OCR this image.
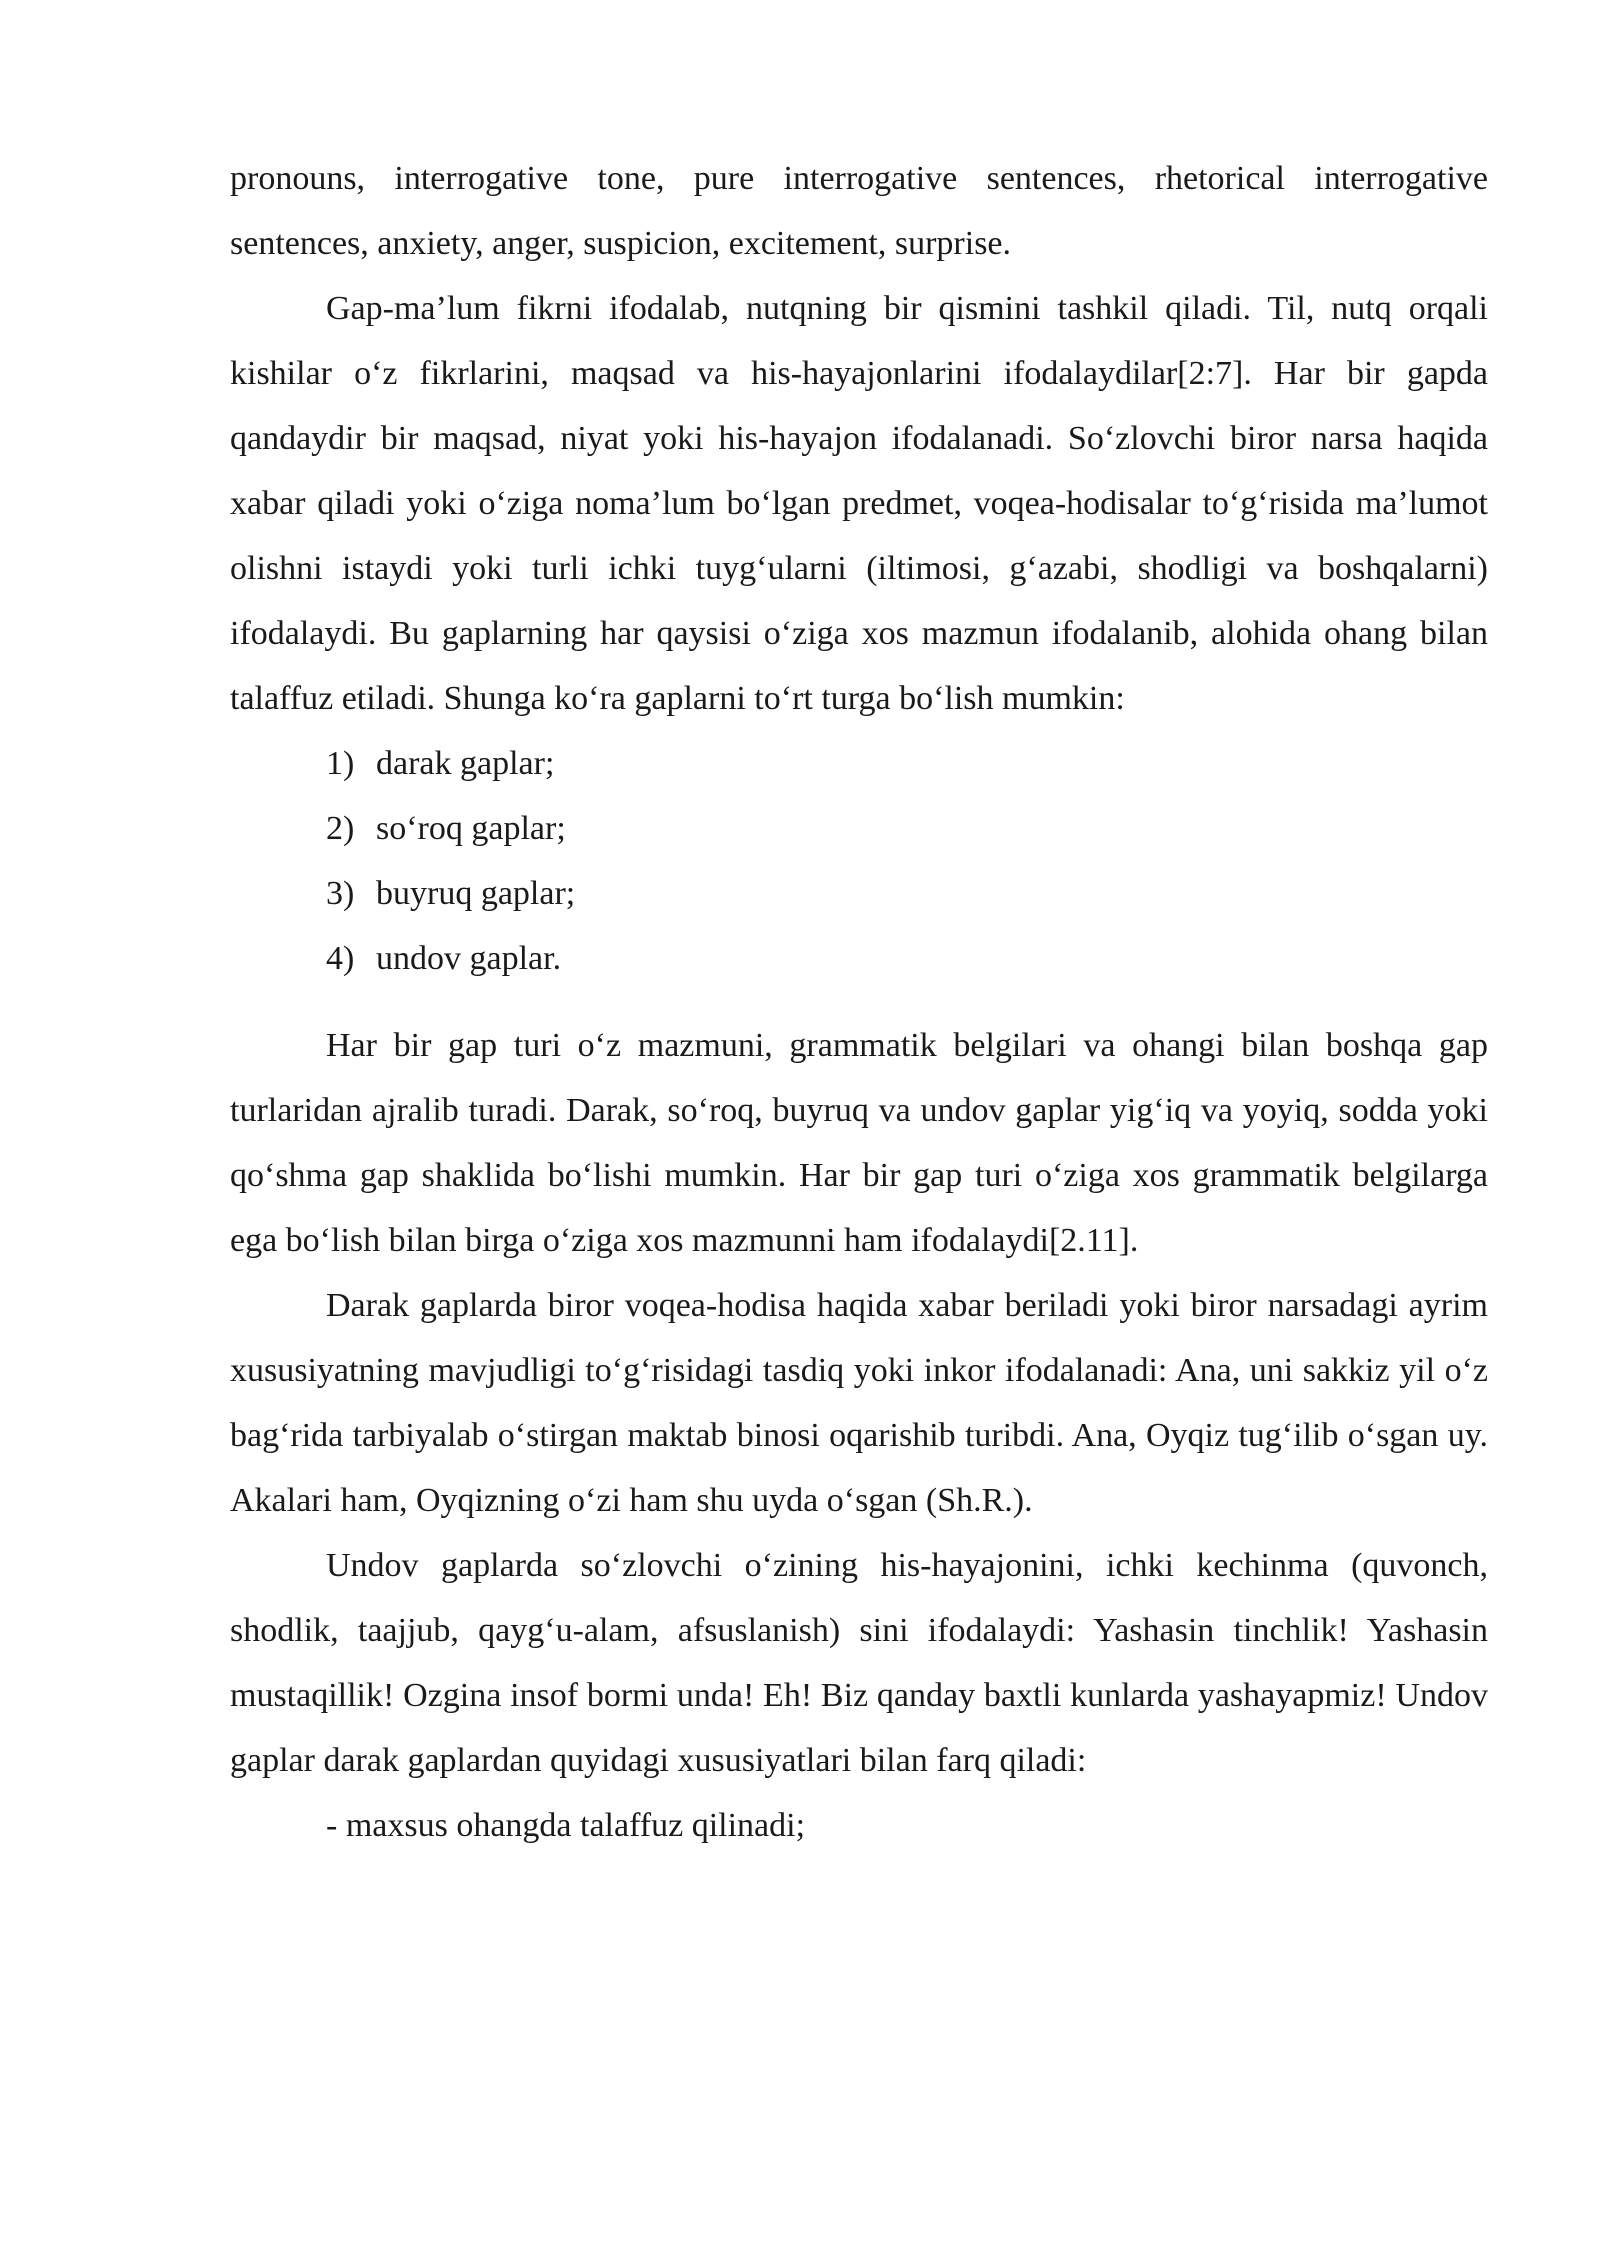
pronouns, interrogative tone, pure interrogative sentences, rhetorical interrogative sentences, anxiety, anger, suspicion, excitement, surprise.

Gap-ma’lum fikrni ifodalab, nutqning bir qismini tashkil qiladi. Til, nutq orqali kishilar o‘z fikrlarini, maqsad va his-hayajonlarini ifodalaydilar[2:7]. Har bir gapda qandaydir bir maqsad, niyat yoki his-hayajon ifodalanadi. So‘zlovchi biror narsa haqida xabar qiladi yoki o‘ziga noma’lum bo‘lgan predmet, voqea-hodisalar to‘g‘risida ma’lumot olishni istaydi yoki turli ichki tuyg‘ularni (iltimosi, g‘azabi, shodligi va boshqalarni) ifodalaydi. Bu gaplarning har qaysisi o‘ziga xos mazmun ifodalanib, alohida ohang bilan talaffuz etiladi. Shunga ko‘ra gaplarni to‘rt turga bo‘lish mumkin:

1) darak gaplar;
2) so‘roq gaplar;
3) buyruq gaplar;
4) undov gaplar.

Har bir gap turi o‘z mazmuni, grammatik belgilari va ohangi bilan boshqa gap turlaridan ajralib turadi. Darak, so‘roq, buyruq va undov gaplar yig‘iq va yoyiq, sodda yoki qo‘shma gap shaklida bo‘lishi mumkin. Har bir gap turi o‘ziga xos grammatik belgilarga ega bo‘lish bilan birga o‘ziga xos mazmunni ham ifodalaydi[2.11].

Darak gaplarda biror voqea-hodisa haqida xabar beriladi yoki biror narsadagi ayrim xususiyatning mavjudligi to‘g‘risidagi tasdiq yoki inkor ifodalanadi: Ana, uni sakkiz yil o‘z bag‘rida tarbiyalab o‘stirgan maktab binosi oqarishib turibdi. Ana, Oyqiz tug‘ilib o‘sgan uy. Akalari ham, Oyqizning o‘zi ham shu uyda o‘sgan (Sh.R.).

Undov gaplarda so‘zlovchi o‘zining his-hayajonini, ichki kechinma (quvonch, shodlik, taajjub, qayg‘u-alam, afsuslanish) sini ifodalaydi: Yashasin tinchlik! Yashasin mustaqillik! Ozgina insof bormi unda! Eh! Biz qanday baxtli kunlarda yashayapmiz! Undov gaplar darak gaplardan quyidagi xususiyatlari bilan farq qiladi:

- maxsus ohangda talaffuz qilinadi;
